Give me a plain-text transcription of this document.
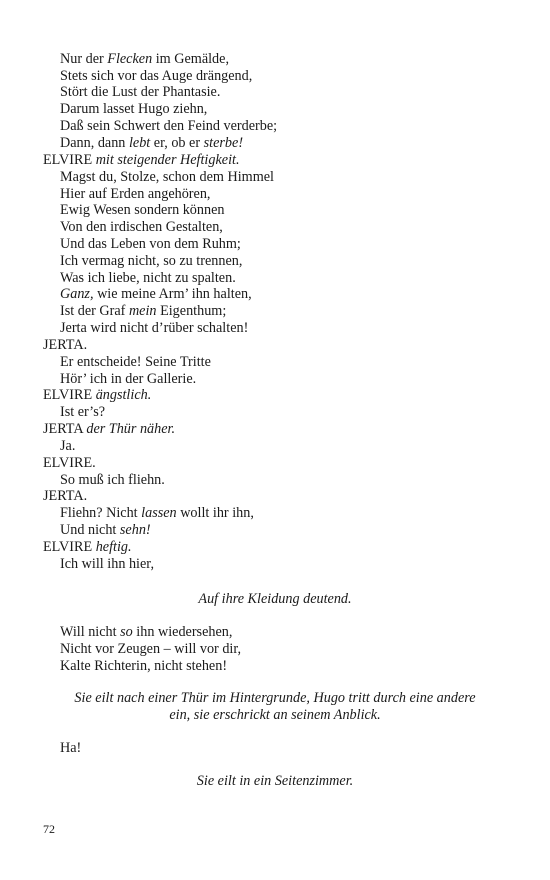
Nur der Flecken im Gemälde,
Stets sich vor das Auge drängend,
Stört die Lust der Phantasie.
Darum lasset Hugo ziehn,
Daß sein Schwert den Feind verderbe;
Dann, dann lebt er, ob er sterbe!
ELVIRE mit steigender Heftigkeit.
Magst du, Stolze, schon dem Himmel
Hier auf Erden angehören,
Ewig Wesen sondern können
Von den irdischen Gestalten,
Und das Leben von dem Ruhm;
Ich vermag nicht, so zu trennen,
Was ich liebe, nicht zu spalten.
Ganz, wie meine Arm’ ihn halten,
Ist der Graf mein Eigenthum;
Jerta wird nicht d’rüber schalten!
JERTA.
Er entscheide! Seine Tritte
Hör’ ich in der Gallerie.
ELVIRE ängstlich.
Ist er’s?
JERTA der Thür näher.
Ja.
ELVIRE.
So muß ich fliehn.
JERTA.
Fliehn? Nicht lassen wollt ihr ihn,
Und nicht sehn!
ELVIRE heftig.
Ich will ihn hier,
Auf ihre Kleidung deutend.
Will nicht so ihn wiedersehen,
Nicht vor Zeugen – will vor dir,
Kalte Richterin, nicht stehen!
Sie eilt nach einer Thür im Hintergrunde, Hugo tritt durch eine andere
ein, sie erschrickt an seinem Anblick.
Ha!
Sie eilt in ein Seitenzimmer.
72
